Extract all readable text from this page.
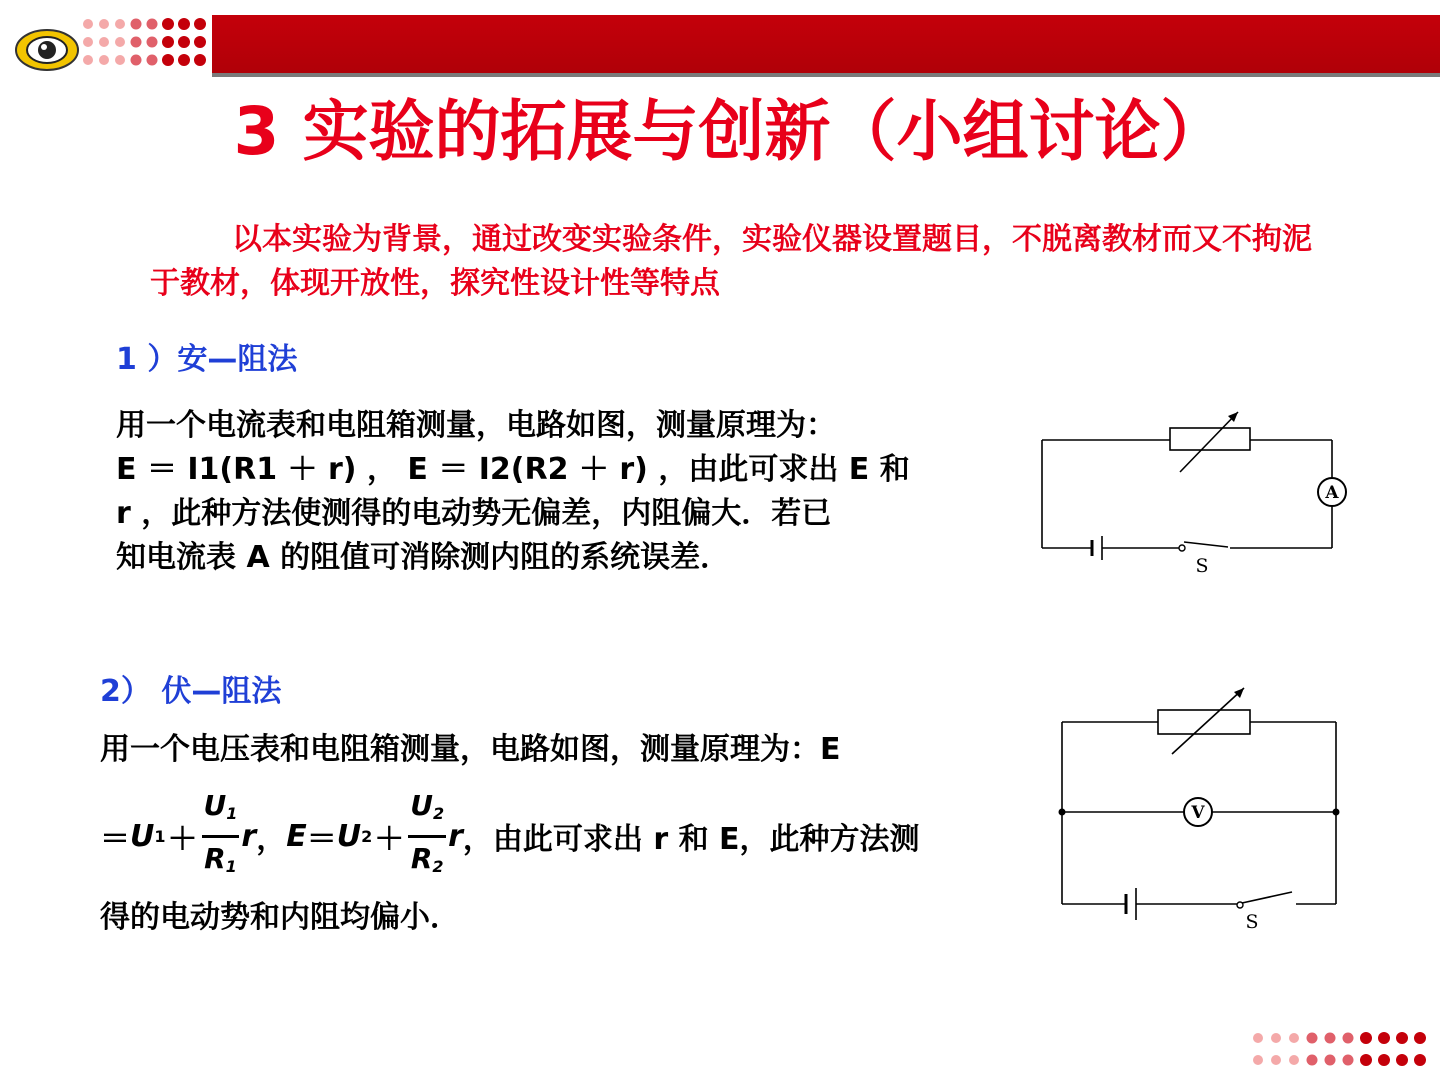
3 实验的拓展与创新（小组讨论）
以本实验为背景，通过改变实验条件，实验仪器设置题目，不脱离教材而又不拘泥于教材，体现开放性，探究性设计性等特点
1 ）安—阻法
用一个电流表和电阻箱测量，电路如图，测量原理为：
E ＝ I1(R1 ＋ r) ， E ＝ I2(R2 ＋ r) ，由此可求出 E 和
r ，此种方法使测得的电动势无偏差，内阻偏大．若已
知电流表 A 的阻值可消除测内阻的系统误差．
A
S
2） 伏—阻法
用一个电压表和电阻箱测量，电路如图，测量原理为：E
＝ U $1 + \frac{U_1}{R_1}$ r ， E ＝ U $2 + \frac{U_2}{R_2}$ r ，由此可求出 r 和 E，此种方法测
得的电动势和内阻均偏小．
V
S
